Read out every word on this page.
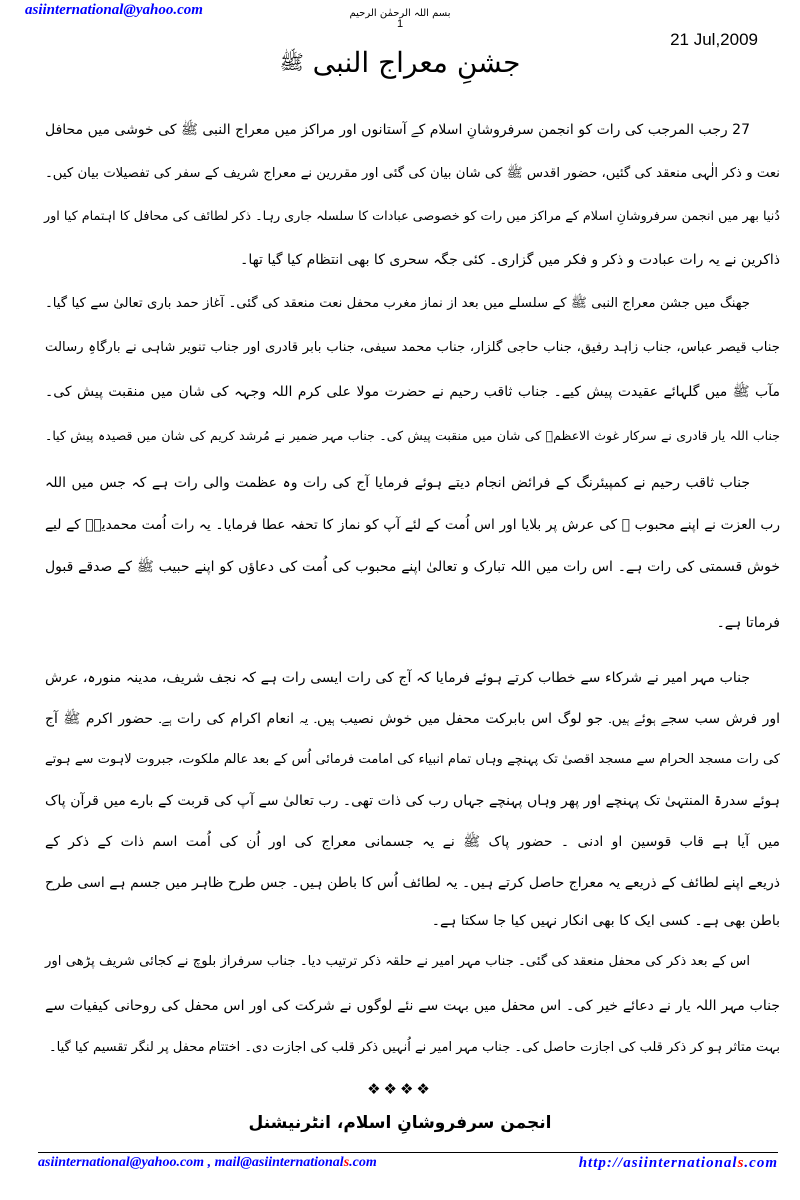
asiinternational@yahoo.com	بسم اللہ الرحمٰن الرحیم
1
21 Jul,2009
جشنِ معراج النبی ﷺ
27 رجب المرجب کی رات کو انجمن سرفروشانِ اسلام کے آستانوں اور مراکز میں معراج النبی ﷺ کی خوشی میں محافل
نعت و ذکر الٰہی منعقد کی گئیں، حضور اقدس ﷺ کی شان بیان کی گئی اور مقررین نے معراج شریف کے سفر کی تفصیلات بیان کیں۔
دُنیا بھر میں انجمن سرفروشانِ اسلام کے مراکز میں رات کو خصوصی عبادات کا سلسلہ جاری رہا۔ ذکر لطائف کی محافل کا اہتمام کیا اور
ذاکرین نے یہ رات عبادت و ذکر و فکر میں گزاری۔ کئی جگہ سحری کا بھی انتظام کیا گیا تھا۔
جھنگ میں جشن معراج النبی ﷺ کے سلسلے میں بعد از نماز مغرب محفل نعت منعقد کی گئی۔ آغاز حمد باری تعالیٰ سے کیا گیا۔
جناب قیصر عباس، جناب زاہد رفیق، جناب حاجی گلزار، جناب محمد سیفی، جناب بابر قادری اور جناب تنویر شاہی نے بارگاہِ رسالت
مآب ﷺ میں گلہائے عقیدت پیش کیے۔ جناب ثاقب رحیم نے حضرت مولا علی کرم اللہ وجہہ کی شان میں منقبت پیش کی۔
جناب اللہ یار قادری نے سرکار غوث الاعظمؒ کی شان میں منقبت پیش کی۔ جناب مہر ضمیر نے مُرشد کریم کی شان میں قصیدہ پیش کیا۔
جناب ثاقب رحیم نے کمپیئرنگ کے فرائض انجام دیتے ہوئے فرمایا آج کی رات وہ عظمت والی رات ہے کہ جس میں اللہ
رب العزت نے اپنے محبوب ﷺ کی عرش پر بلایا اور اس اُمت کے لئے آپ کو نماز کا تحفہ عطا فرمایا۔ یہ رات اُمت محمدیہؐ کے لیے
خوش قسمتی کی رات ہے۔ اس رات میں اللہ تبارک و تعالیٰ اپنے محبوب کی اُمت کی دعاؤں کو اپنے حبیب ﷺ کے صدقے قبول
فرماتا ہے۔
جناب مہر امیر نے شرکاء سے خطاب کرتے ہوئے فرمایا کہ آج کی رات ایسی رات ہے کہ نجف شریف، مدینہ منورہ، عرش
اور فرش سب سجے ہوئے ہیں۔ جو لوگ اس بابرکت محفل میں خوش نصیب ہیں۔ یہ انعام اکرام کی رات ہے۔ حضور اکرم ﷺ آج
کی رات مسجد الحرام سے مسجد اقصیٰ تک پہنچے وہاں تمام انبیاء کی امامت فرمائی اُس کے بعد عالم ملکوت، جبروت لاہوت سے ہوتے
ہوئے سدرۃ المنتہیٰ تک پہنچے اور پھر وہاں پہنچے جہاں رب کی ذات تھی۔ رب تعالیٰ سے آپ کی قربت کے بارے میں قرآن پاک
میں آیا ہے قاب قوسین او ادنی ۔ حضور پاک ﷺ نے یہ جسمانی معراج کی اور اُن کی اُمت اسم ذات کے ذکر کے
ذریعے اپنے لطائف کے ذریعے یہ معراج حاصل کرتے ہیں۔ یہ لطائف اُس کا باطن ہیں۔ جس طرح ظاہر میں جسم ہے اسی طرح
باطن بھی ہے۔ کسی ایک کا بھی انکار نہیں کیا جا سکتا ہے۔
اس کے بعد ذکر کی محفل منعقد کی گئی۔ جناب مہر امیر نے حلقہ ذکر ترتیب دیا۔ جناب سرفراز بلوچ نے کجائی شریف پڑھی اور
جناب مہر اللہ یار نے دعائے خیر کی۔ اس محفل میں بہت سے نئے لوگوں نے شرکت کی اور اس محفل کی روحانی کیفیات سے
بہت متاثر ہو کر ذکر قلب کی اجازت حاصل کی۔ جناب مہر امیر نے اُنہیں ذکر قلب کی اجازت دی۔ اختتام محفل پر لنگر تقسیم کیا گیا۔
❖❖❖❖
انجمن سرفروشانِ اسلام، انٹرنیشنل
asiinternational@yahoo.com , mail@asiinternationals.com	http://asiinternationals.com
